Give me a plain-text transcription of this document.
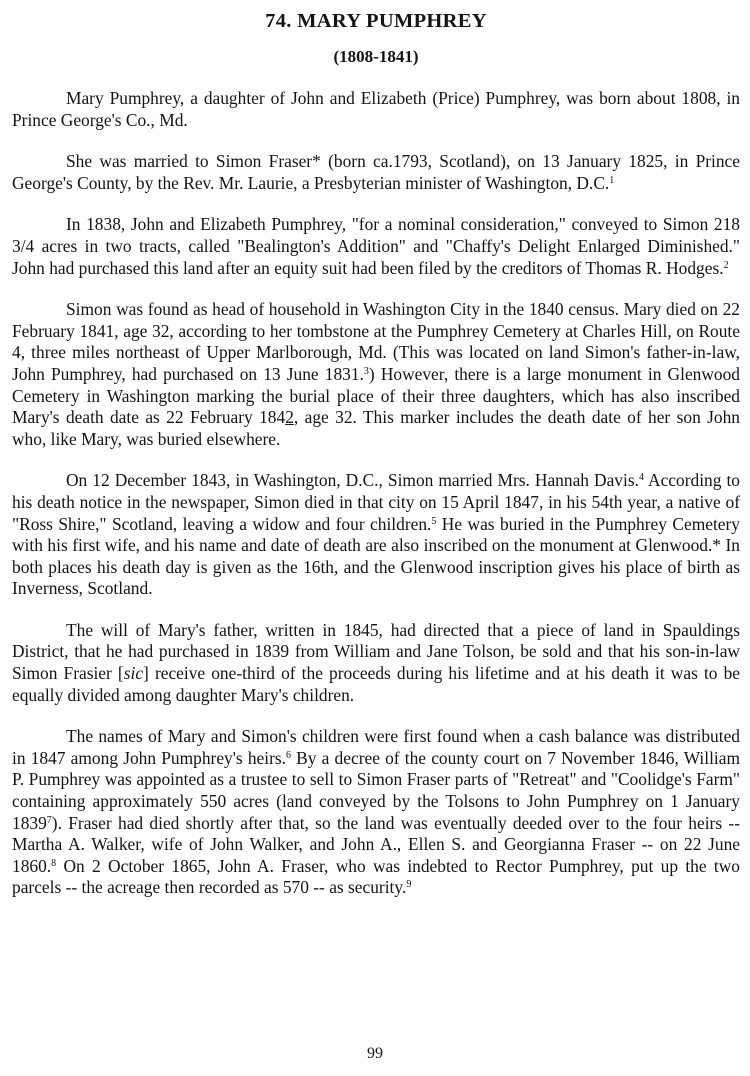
74. MARY PUMPHREY
(1808-1841)

Mary Pumphrey, a daughter of John and Elizabeth (Price) Pumphrey, was born about 1808, in Prince George's Co., Md.

She was married to Simon Fraser* (born ca.1793, Scotland), on 13 January 1825, in Prince George's County, by the Rev. Mr. Laurie, a Presbyterian minister of Washington, D.C.$^1$

In 1838, John and Elizabeth Pumphrey, "for a nominal consideration," conveyed to Simon 218 3/4 acres in two tracts, called "Bealington's Addition" and "Chaffy's Delight Enlarged Diminished." John had purchased this land after an equity suit had been filed by the creditors of Thomas R. Hodges.$^2$

Simon was found as head of household in Washington City in the 1840 census. Mary died on 22 February 1841, age 32, according to her tombstone at the Pumphrey Cemetery at Charles Hill, on Route 4, three miles northeast of Upper Marlborough, Md. (This was located on land Simon's father-in-law, John Pumphrey, had purchased on 13 June 1831.$^3$) However, there is a large monument in Glenwood Cemetery in Washington marking the burial place of their three daughters, which has also inscribed Mary's death date as 22 February 1842, age 32. This marker includes the death date of her son John who, like Mary, was buried elsewhere.

On 12 December 1843, in Washington, D.C., Simon married Mrs. Hannah Davis.$^4$ According to his death notice in the newspaper, Simon died in that city on 15 April 1847, in his 54th year, a native of "Ross Shire," Scotland, leaving a widow and four children.$^5$ He was buried in the Pumphrey Cemetery with his first wife, and his name and date of death are also inscribed on the monument at Glenwood.* In both places his death day is given as the 16th, and the Glenwood inscription gives his place of birth as Inverness, Scotland.

The will of Mary's father, written in 1845, had directed that a piece of land in Spauldings District, that he had purchased in 1839 from William and Jane Tolson, be sold and that his son-in-law Simon Frasier [sic] receive one-third of the proceeds during his lifetime and at his death it was to be equally divided among daughter Mary's children.

The names of Mary and Simon's children were first found when a cash balance was distributed in 1847 among John Pumphrey's heirs.$^6$ By a decree of the county court on 7 November 1846, William P. Pumphrey was appointed as a trustee to sell to Simon Fraser parts of "Retreat" and "Coolidge's Farm" containing approximately 550 acres (land conveyed by the Tolsons to John Pumphrey on 1 January 1839$^7$). Fraser had died shortly after that, so the land was eventually deeded over to the four heirs -- Martha A. Walker, wife of John Walker, and John A., Ellen S. and Georgianna Fraser -- on 22 June 1860.$^8$ On 2 October 1865, John A. Fraser, who was indebted to Rector Pumphrey, put up the two parcels -- the acreage then recorded as 570 -- as security.$^9$

99
